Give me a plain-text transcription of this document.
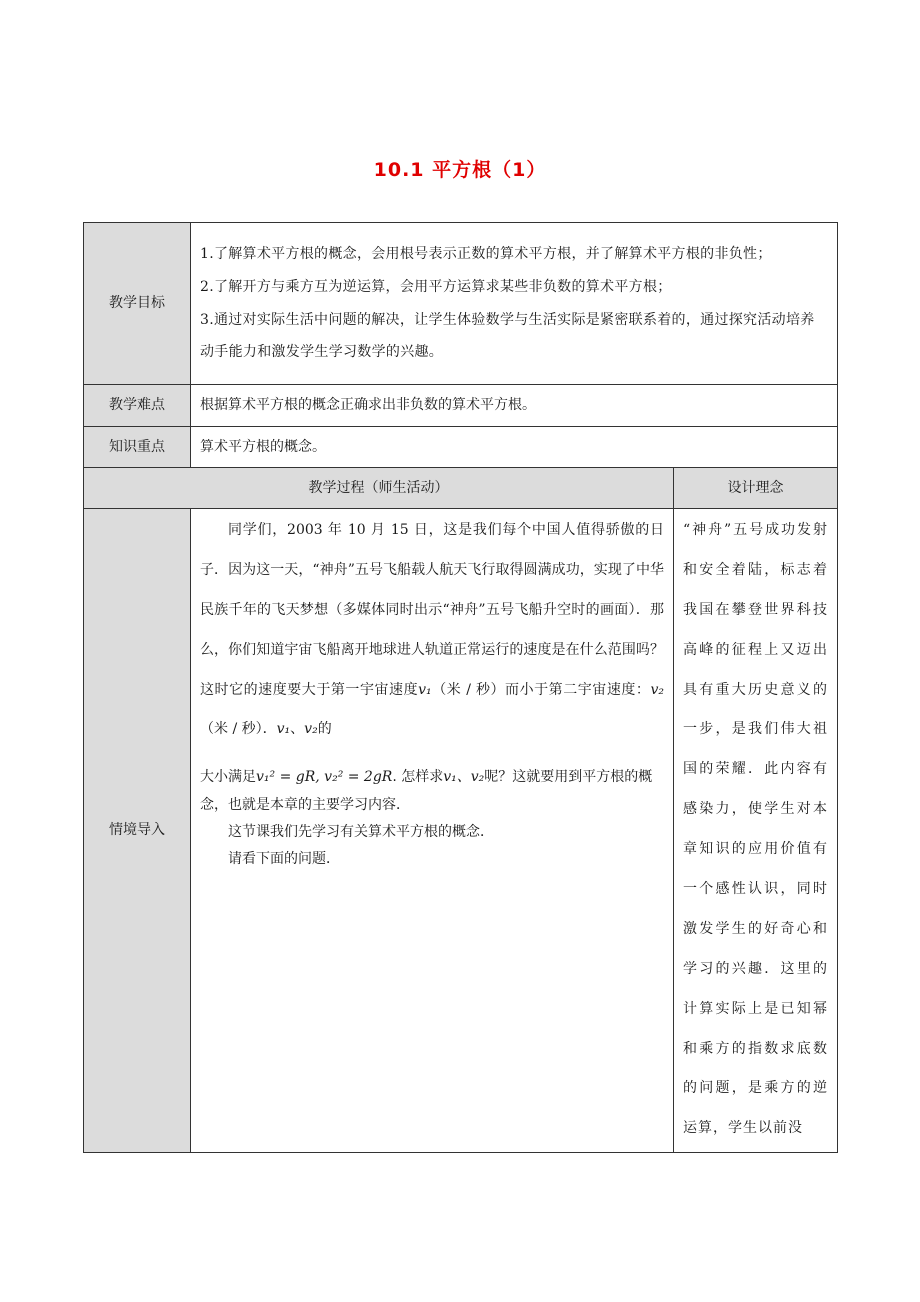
10.1 平方根（1）
教学目标	1.了解算术平方根的概念，会用根号表示正数的算术平方根，并了解算术平方根的非负性；

2.了解开方与乘方互为逆运算，会用平方运算求某些非负数的算术平方根；

3.通过对实际生活中问题的解决，让学生体验数学与生活实际是紧密联系着的，通过探究活动培养动手能力和激发学生学习数学的兴趣。	

教学难点	根据算术平方根的概念正确求出非负数的算术平方根。	
知识重点	算术平方根的概念。	
教学过程（师生活动）		设计理念
情境导入	同学们，2003 年 10 月 15 日，这是我们每个中国人值得骄傲的日子．因为这一天，“神舟”五号飞船载人航天飞行取得圆满成功，实现了中华民族千年的飞天梦想（多媒体同时出示“神舟”五号飞船升空时的画面）．那么，你们知道宇宙飞船离开地球进人轨道正常运行的速度是在什么范围吗？这时它的速度要大于第一宇宙速度v₁（米 / 秒）而小于第二宇宙速度：v₂（米 / 秒）．v₁、v₂的

大小满足v₁² = gR, v₂² = 2gR. 怎样求v₁、v₂呢？这就要用到平方根的概念，也就是本章的主要学习内容．
这节课我们先学习有关算术平方根的概念．
请看下面的问题．	“神舟”五号成功发射和安全着陆，标志着我国在攀登世界科技高峰的征程上又迈出具有重大历史意义的一步，是我们伟大祖国的荣耀．此内容有感染力，使学生对本章知识的应用价值有一个感性认识，同时激发学生的好奇心和学习的兴趣．这里的计算实际上是已知幂和乘方的指数求底数的问题，是乘方的逆运算，学生以前没
